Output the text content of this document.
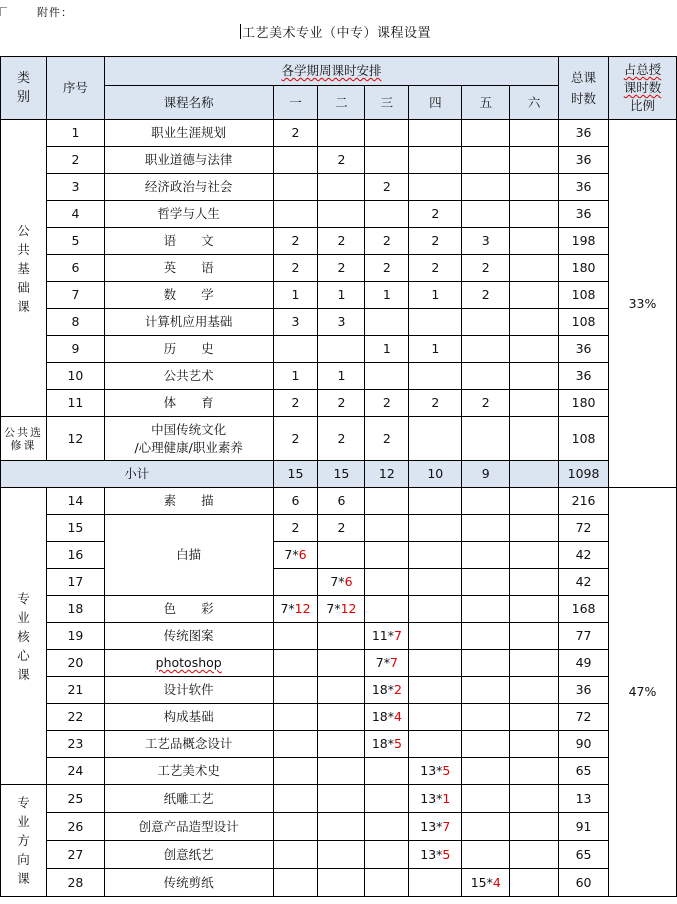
附件：
工艺美术专业（中专）课程设置
类别	序号	各学期周课时安排							总课时数	占总授
课时数
比例

		课程名称	一	二	三	四	五	六		

公共基础课	1	职业生涯规划	2						36	33%
	2	职业道德与法律		2					36	
	3	经济政治与社会			2				36	
	4	哲学与人生				2			36	
	5	语　　文	2	2	2	2	3		198	
	6	英　　语	2	2	2	2	2		180	
	7	数　　学	1	1	1	1	2		108	
	8	计算机应用基础	3	3					108	
	9	历　　史			1	1			36	
	10	公共艺术	1	1					36	
	11	体　　育	2	2	2	2	2		180	

公共选修课	12	中国传统文化
/心理健康/职业素养	2	2	2				108	
小计			15	15	12	10	9		1098	

专业核心课	14	素　　描	6	6					216	47%
	15	白描	2	2					72	
	16		7*6						42	
	17			7*6					42	
	18	色　　彩	7*12	7*12					168	
	19	传统图案			11*7				77	
	20	photoshop			7*7				49	
	21	设计软件			18*2				36	
	22	构成基础			18*4				72	
	23	工艺品概念设计			18*5				90	
	24	工艺美术史				13*5			65	

专业方向课	25	纸雕工艺				13*1			13	
	26	创意产品造型设计				13*7			91	
	27	创意纸艺				13*5			65	
	28	传统剪纸					15*4		60	
